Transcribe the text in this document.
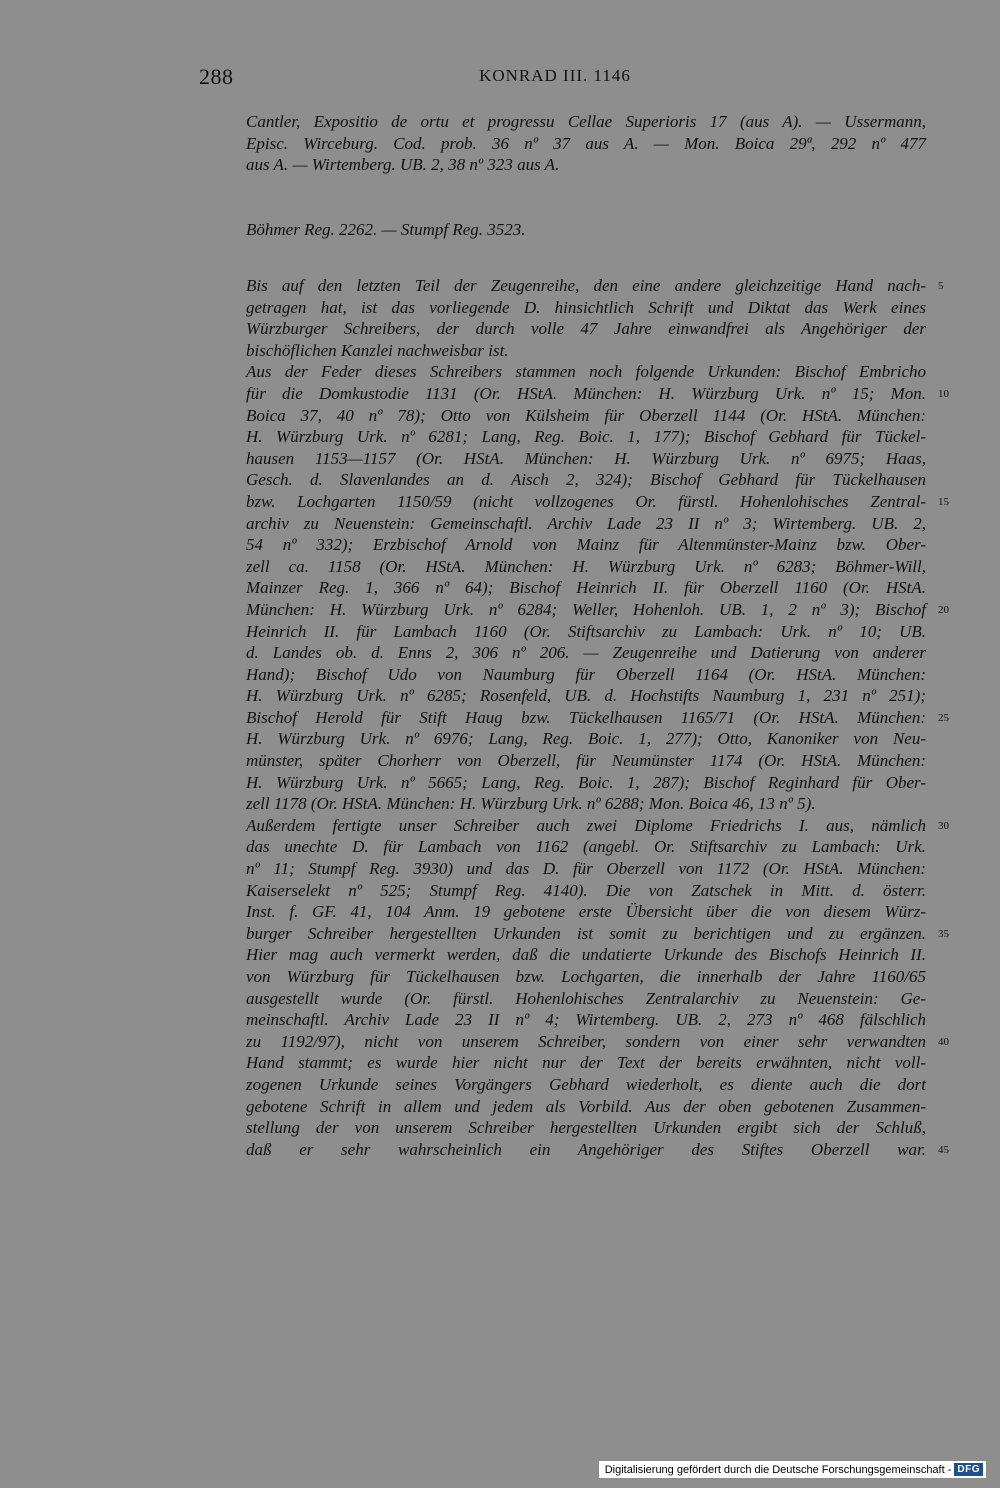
288	KONRAD III. 1146
Cantler, Expositio de ortu et progressu Cellae Superioris 17 (aus A). — Ussermann,
Episc. Wirceburg. Cod. prob. 36 nº 37 aus A. — Mon. Boica 29ª, 292 nº 477
aus A. — Wirtemberg. UB. 2, 38 nº 323 aus A.
Böhmer Reg. 2262. — Stumpf Reg. 3523.
Bis auf den letzten Teil der Zeugenreihe, den eine andere gleichzeitige Hand nach-
getragen hat, ist das vorliegende D. hinsichtlich Schrift und Diktat das Werk eines
Würzburger Schreibers, der durch volle 47 Jahre einwandfrei als Angehöriger der
bischöflichen Kanzlei nachweisbar ist.
Aus der Feder dieses Schreibers stammen noch folgende Urkunden: Bischof Embricho
für die Domkustodie 1131 (Or. HStA. München: H. Würzburg Urk. nº 15; Mon.
Boica 37, 40 nº 78); Otto von Külsheim für Oberzell 1144 (Or. HStA. München:
H. Würzburg Urk. nº 6281; Lang, Reg. Boic. 1, 177); Bischof Gebhard für Tückel-
hausen 1153—1157 (Or. HStA. München: H. Würzburg Urk. nº 6975; Haas,
Gesch. d. Slavenlandes an d. Aisch 2, 324); Bischof Gebhard für Tückelhausen
bzw. Lochgarten 1150/59 (nicht vollzogenes Or. fürstl. Hohenlohisches Zentral-
archiv zu Neuenstein: Gemeinschaftl. Archiv Lade 23 II nº 3; Wirtemberg. UB. 2,
54 nº 332); Erzbischof Arnold von Mainz für Altenmünster-Mainz bzw. Ober-
zell ca. 1158 (Or. HStA. München: H. Würzburg Urk. nº 6283; Böhmer-Will,
Mainzer Reg. 1, 366 nº 64); Bischof Heinrich II. für Oberzell 1160 (Or. HStA.
München: H. Würzburg Urk. nº 6284; Weller, Hohenloh. UB. 1, 2 nº 3); Bischof
Heinrich II. für Lambach 1160 (Or. Stiftsarchiv zu Lambach: Urk. nº 10; UB.
d. Landes ob. d. Enns 2, 306 nº 206. — Zeugenreihe und Datierung von anderer
Hand); Bischof Udo von Naumburg für Oberzell 1164 (Or. HStA. München:
H. Würzburg Urk. nº 6285; Rosenfeld, UB. d. Hochstifts Naumburg 1, 231 nº 251);
Bischof Herold für Stift Haug bzw. Tückelhausen 1165/71 (Or. HStA. München:
H. Würzburg Urk. nº 6976; Lang, Reg. Boic. 1, 277); Otto, Kanoniker von Neu-
münster, später Chorherr von Oberzell, für Neumünster 1174 (Or. HStA. München:
H. Würzburg Urk. nº 5665; Lang, Reg. Boic. 1, 287); Bischof Reginhard für Ober-
zell 1178 (Or. HStA. München: H. Würzburg Urk. nº 6288; Mon. Boica 46, 13 nº 5).
Außerdem fertigte unser Schreiber auch zwei Diplome Friedrichs I. aus, nämlich
das unechte D. für Lambach von 1162 (angebl. Or. Stiftsarchiv zu Lambach: Urk.
nº 11; Stumpf Reg. 3930) und das D. für Oberzell von 1172 (Or. HStA. München:
Kaiserselekt nº 525; Stumpf Reg. 4140). Die von Zatschek in Mitt. d. österr.
Inst. f. GF. 41, 104 Anm. 19 gebotene erste Übersicht über die von diesem Würz-
burger Schreiber hergestellten Urkunden ist somit zu berichtigen und zu ergänzen.
Hier mag auch vermerkt werden, daß die undatierte Urkunde des Bischofs Heinrich II.
von Würzburg für Tückelhausen bzw. Lochgarten, die innerhalb der Jahre 1160/65
ausgestellt wurde (Or. fürstl. Hohenlohisches Zentralarchiv zu Neuenstein: Ge-
meinschaftl. Archiv Lade 23 II nº 4; Wirtemberg. UB. 2, 273 nº 468 fälschlich
zu 1192/97), nicht von unserem Schreiber, sondern von einer sehr verwandten
Hand stammt; es wurde hier nicht nur der Text der bereits erwähnten, nicht voll-
zogenen Urkunde seines Vorgängers Gebhard wiederholt, es diente auch die dort
gebotene Schrift in allem und jedem als Vorbild. Aus der oben gebotenen Zusammen-
stellung der von unserem Schreiber hergestellten Urkunden ergibt sich der Schluß,
daß er sehr wahrscheinlich ein Angehöriger des Stiftes Oberzell war.
5
10
15
20
25
30
35
40
45
Digitalisierung gefördert durch die Deutsche Forschungsgemeinschaft - DFG
